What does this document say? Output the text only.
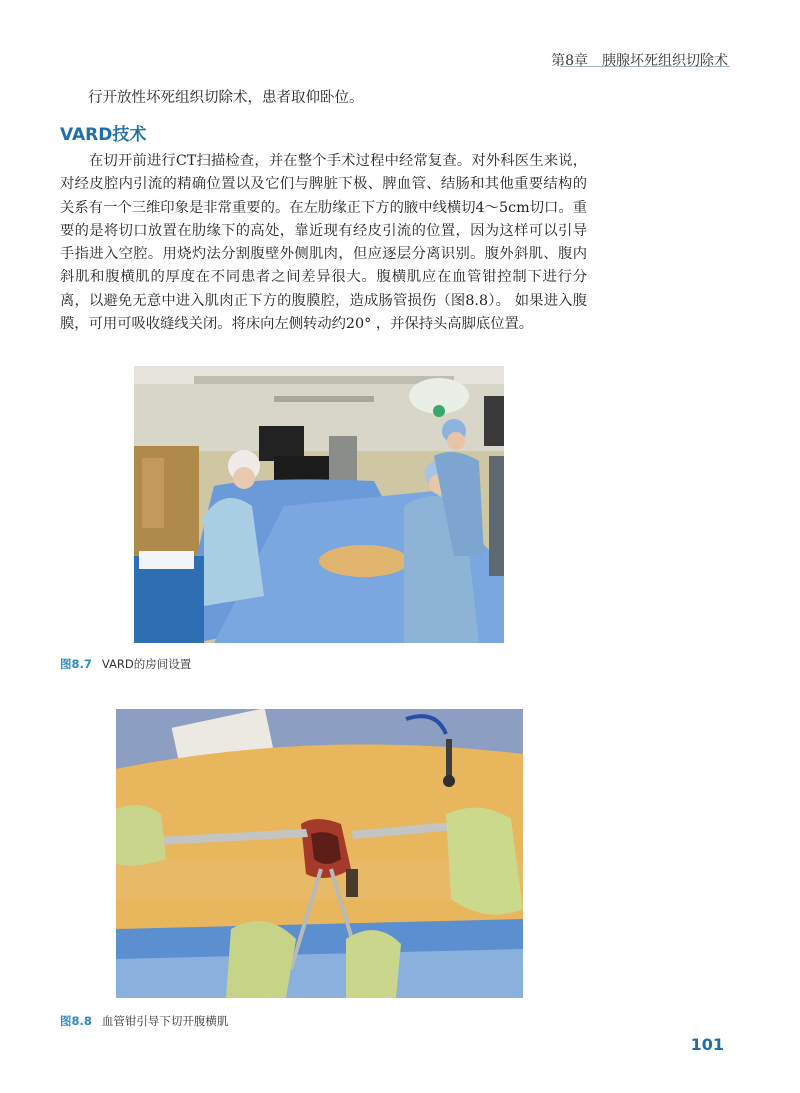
第8章　胰腺坏死组织切除术
行开放性坏死组织切除术，患者取仰卧位。
VARD技术
在切开前进行CT扫描检查，并在整个手术过程中经常复查。对外科医生来说，对经皮腔内引流的精确位置以及它们与脾脏下极、脾血管、结肠和其他重要结构的关系有一个三维印象是非常重要的。在左肋缘正下方的腋中线横切4～5cm切口。重要的是将切口放置在肋缘下的高处，靠近现有经皮引流的位置，因为这样可以引导手指进入空腔。用烧灼法分割腹壁外侧肌肉，但应逐层分离识别。腹外斜肌、腹内斜肌和腹横肌的厚度在不同患者之间差异很大。腹横肌应在血管钳控制下进行分离，以避免无意中进入肌肉正下方的腹膜腔，造成肠管损伤（图8.8）。 如果进入腹膜，可用可吸收缝线关闭。将床向左侧转动约20° ，并保持头高脚底位置。
图8.7 VARD的房间设置
图8.8 血管钳引导下切开腹横肌
101
